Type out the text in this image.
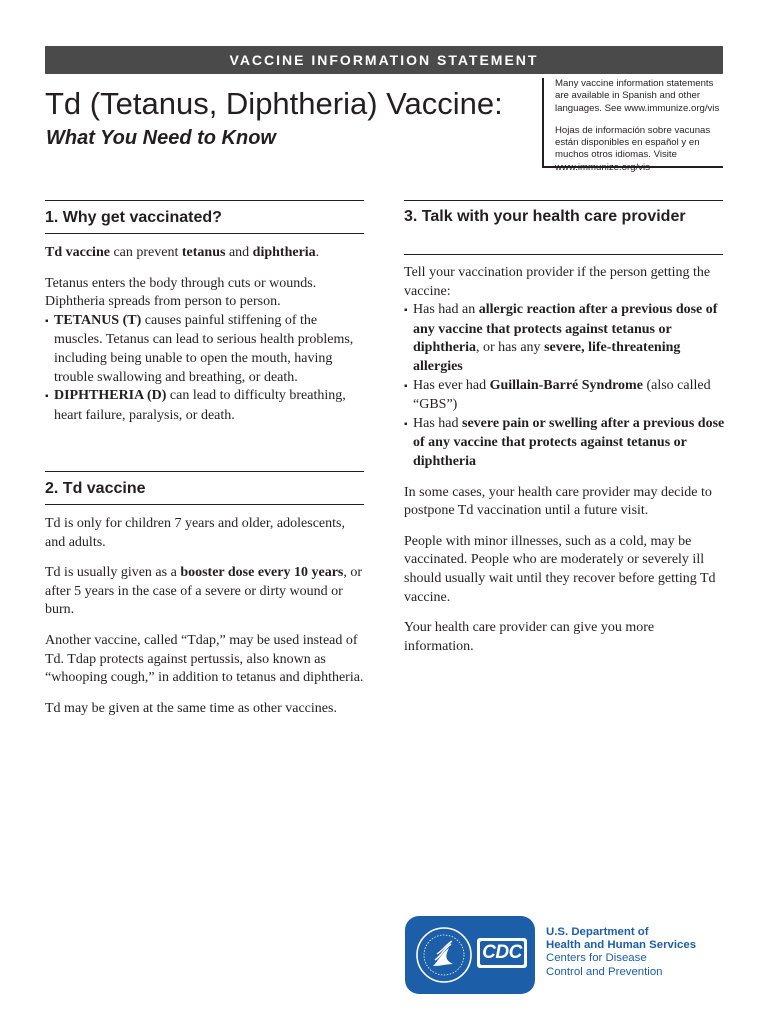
VACCINE INFORMATION STATEMENT
Td (Tetanus, Diphtheria) Vaccine:
What You Need to Know

Many vaccine information statements are available in Spanish and other languages. See www.immunize.org/vis

Hojas de información sobre vacunas están disponibles en español y en muchos otros idiomas. Visite www.immunize.org/vis

1. Why get vaccinated?

Td vaccine can prevent tetanus and diphtheria.

Tetanus enters the body through cuts or wounds. Diphtheria spreads from person to person.

▪ TETANUS (T) causes painful stiffening of the muscles. Tetanus can lead to serious health problems, including being unable to open the mouth, having trouble swallowing and breathing, or death.
▪ DIPHTHERIA (D) can lead to difficulty breathing, heart failure, paralysis, or death.
2. Td vaccine

Td is only for children 7 years and older, adolescents, and adults.

Td is usually given as a booster dose every 10 years, or after 5 years in the case of a severe or dirty wound or burn.

Another vaccine, called “Tdap,” may be used instead of Td. Tdap protects against pertussis, also known as “whooping cough,” in addition to tetanus and diphtheria.

Td may be given at the same time as other vaccines.

3. Talk with your health care provider

Tell your vaccination provider if the person getting the vaccine:

▪ Has had an allergic reaction after a previous dose of any vaccine that protects against tetanus or diphtheria, or has any severe, life-threatening allergies
▪ Has ever had Guillain-Barré Syndrome (also called “GBS”)
▪ Has had severe pain or swelling after a previous dose of any vaccine that protects against tetanus or diphtheria

In some cases, your health care provider may decide to postpone Td vaccination until a future visit.

People with minor illnesses, such as a cold, may be vaccinated. People who are moderately or severely ill should usually wait until they recover before getting Td vaccine.

Your health care provider can give you more information.

CDC
U.S. Department of
Health and Human Services
Centers for Disease
Control and Prevention
